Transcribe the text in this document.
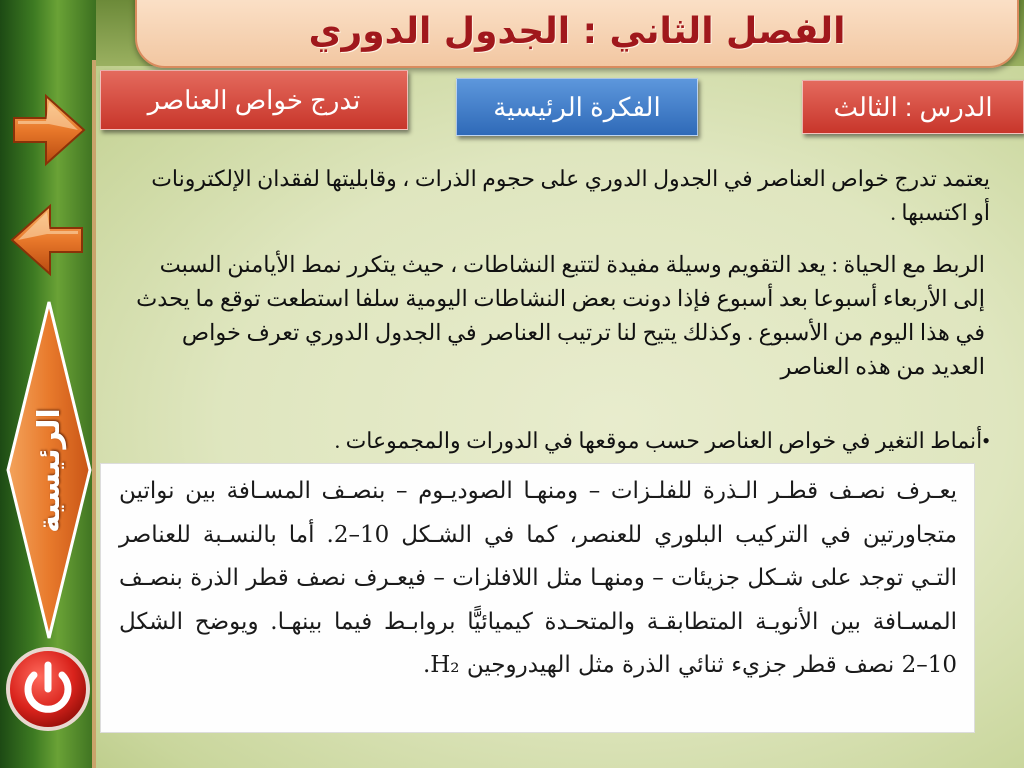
الفصل الثاني : الجدول الدوري
الدرس : الثالث
الفكرة الرئيسية
تدرج خواص العناصر
يعتمد تدرج خواص العناصر في الجدول الدوري على حجوم الذرات ، وقابليتها لفقدان الإلكترونات أو اكتسبها .
الربط مع الحياة : يعد التقويم وسيلة مفيدة لتتبع النشاطات ، حيث يتكرر نمط الأيامنن السبت إلى الأربعاء أسبوعا بعد أسبوع فإذا دونت بعض النشاطات اليومية سلفا استطعت توقع ما يحدث في هذا اليوم من الأسبوع . وكذلك يتيح لنا ترتيب العناصر في الجدول الدوري تعرف خواص العديد من هذه العناصر
•أنماط التغير في خواص العناصر حسب موقعها في الدورات والمجموعات .
يعـرف نصـف قطـر الـذرة للفلـزات – ومنهـا الصوديـوم – بنصـف المسـافة بين نواتين متجاورتين في التركيب البلوري للعنصر، كما في الشـكل 10–2. أما بالنسـبة للعناصر التـي توجد على شـكل جزيئات – ومنهـا مثل اللافلزات – فيعـرف نصف قطر الذرة بنصـف المسـافة بين الأنويـة المتطابقـة والمتحـدة كيميائيًّا بروابـط فيما بينهـا. ويوضح الشكل 10–2 نصف قطر جزيء ثنائي الذرة مثل الهيدروجين H₂.
الرئيسية
